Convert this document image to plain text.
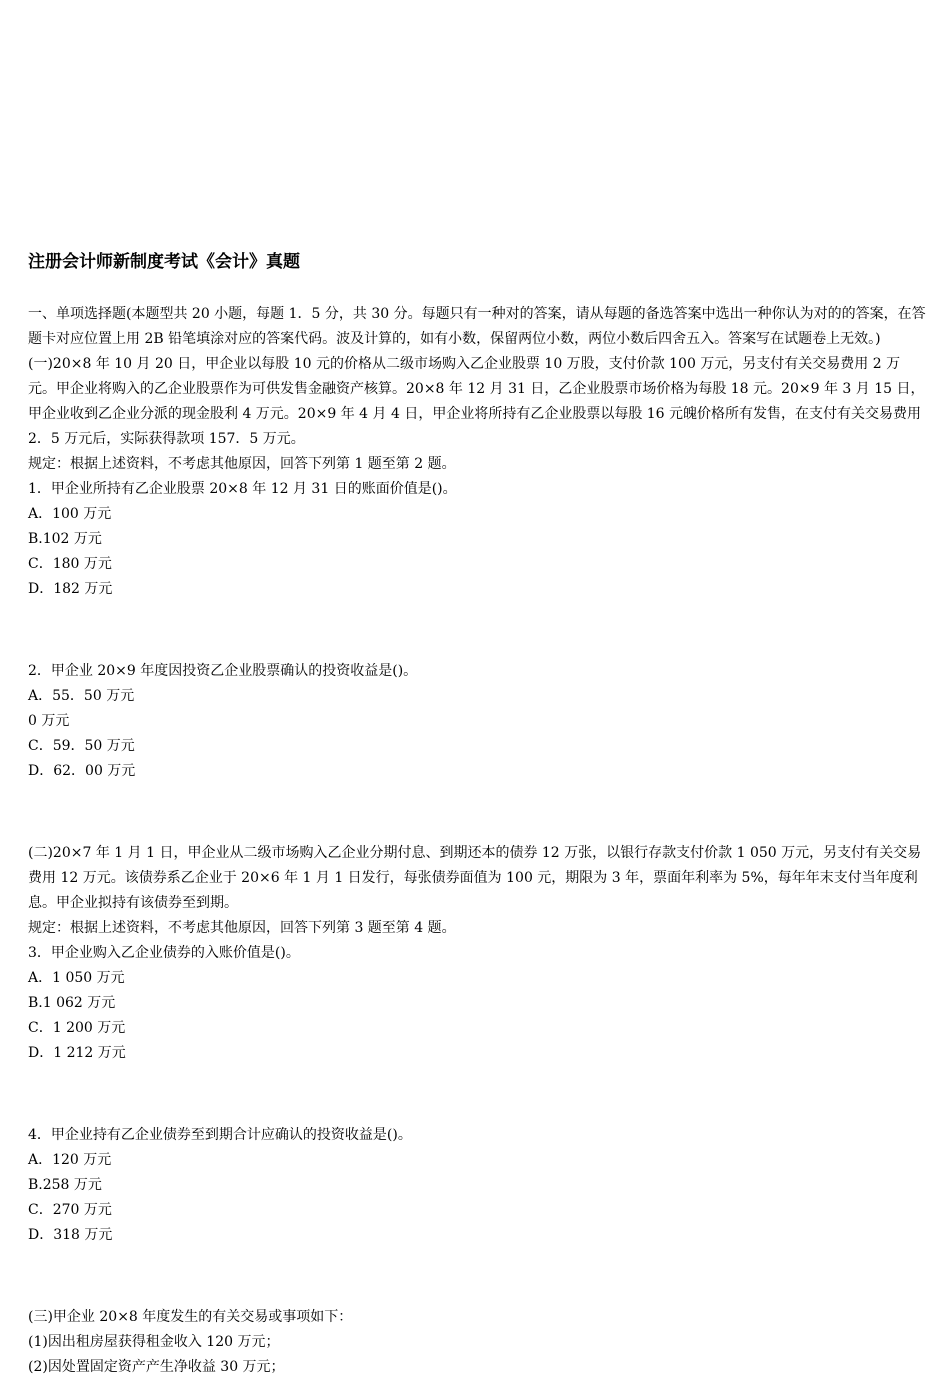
注册会计师新制度考试《会计》真题

一、单项选择题(本题型共 20 小题，每题 1．5 分，共 30 分。每题只有一种对的答案，请从每题的备选答案中选出一种你认为对的的答案，在答题卡对应位置上用 2B 铅笔填涂对应的答案代码。波及计算的，如有小数，保留两位小数，两位小数后四舍五入。答案写在试题卷上无效。)

(一)20×8 年 10 月 20 日，甲企业以每股 10 元的价格从二级市场购入乙企业股票 10 万股，支付价款 100 万元，另支付有关交易费用 2 万元。甲企业将购入的乙企业股票作为可供发售金融资产核算。20×8 年 12 月 31 日，乙企业股票市场价格为每股 18 元。20×9 年 3 月 15 日，甲企业收到乙企业分派的现金股利 4 万元。20×9 年 4 月 4 日，甲企业将所持有乙企业股票以每股 16 元魄价格所有发售，在支付有关交易费用 2．5 万元后，实际获得款项 157．5 万元。

规定：根据上述资料，不考虑其他原因，回答下列第 1 题至第 2 题。

1．甲企业所持有乙企业股票 20×8 年 12 月 31 日的账面价值是()。

A．100 万元

B.102 万元

C．180 万元

D．182 万元

2．甲企业 20×9 年度因投资乙企业股票确认的投资收益是()。

A．55．50 万元

0 万元

C．59．50 万元

D．62．00 万元

(二)20×7 年 1 月 1 日，甲企业从二级市场购入乙企业分期付息、到期还本的债券 12 万张，以银行存款支付价款 1 050 万元，另支付有关交易费用 12 万元。该债券系乙企业于 20×6 年 1 月 1 日发行，每张债券面值为 100 元，期限为 3 年，票面年利率为 5%，每年年末支付当年度利息。甲企业拟持有该债券至到期。

规定：根据上述资料，不考虑其他原因，回答下列第 3 题至第 4 题。

3．甲企业购入乙企业债券的入账价值是()。

A．1 050 万元

B.1 062 万元

C．1 200 万元

D．1 212 万元

4．甲企业持有乙企业债券至到期合计应确认的投资收益是()。

A．120 万元

B.258 万元

C．270 万元

D．318 万元

(三)甲企业 20×8 年度发生的有关交易或事项如下：

(1)因出租房屋获得租金收入 120 万元；

(2)因处置固定资产产生净收益 30 万元；
